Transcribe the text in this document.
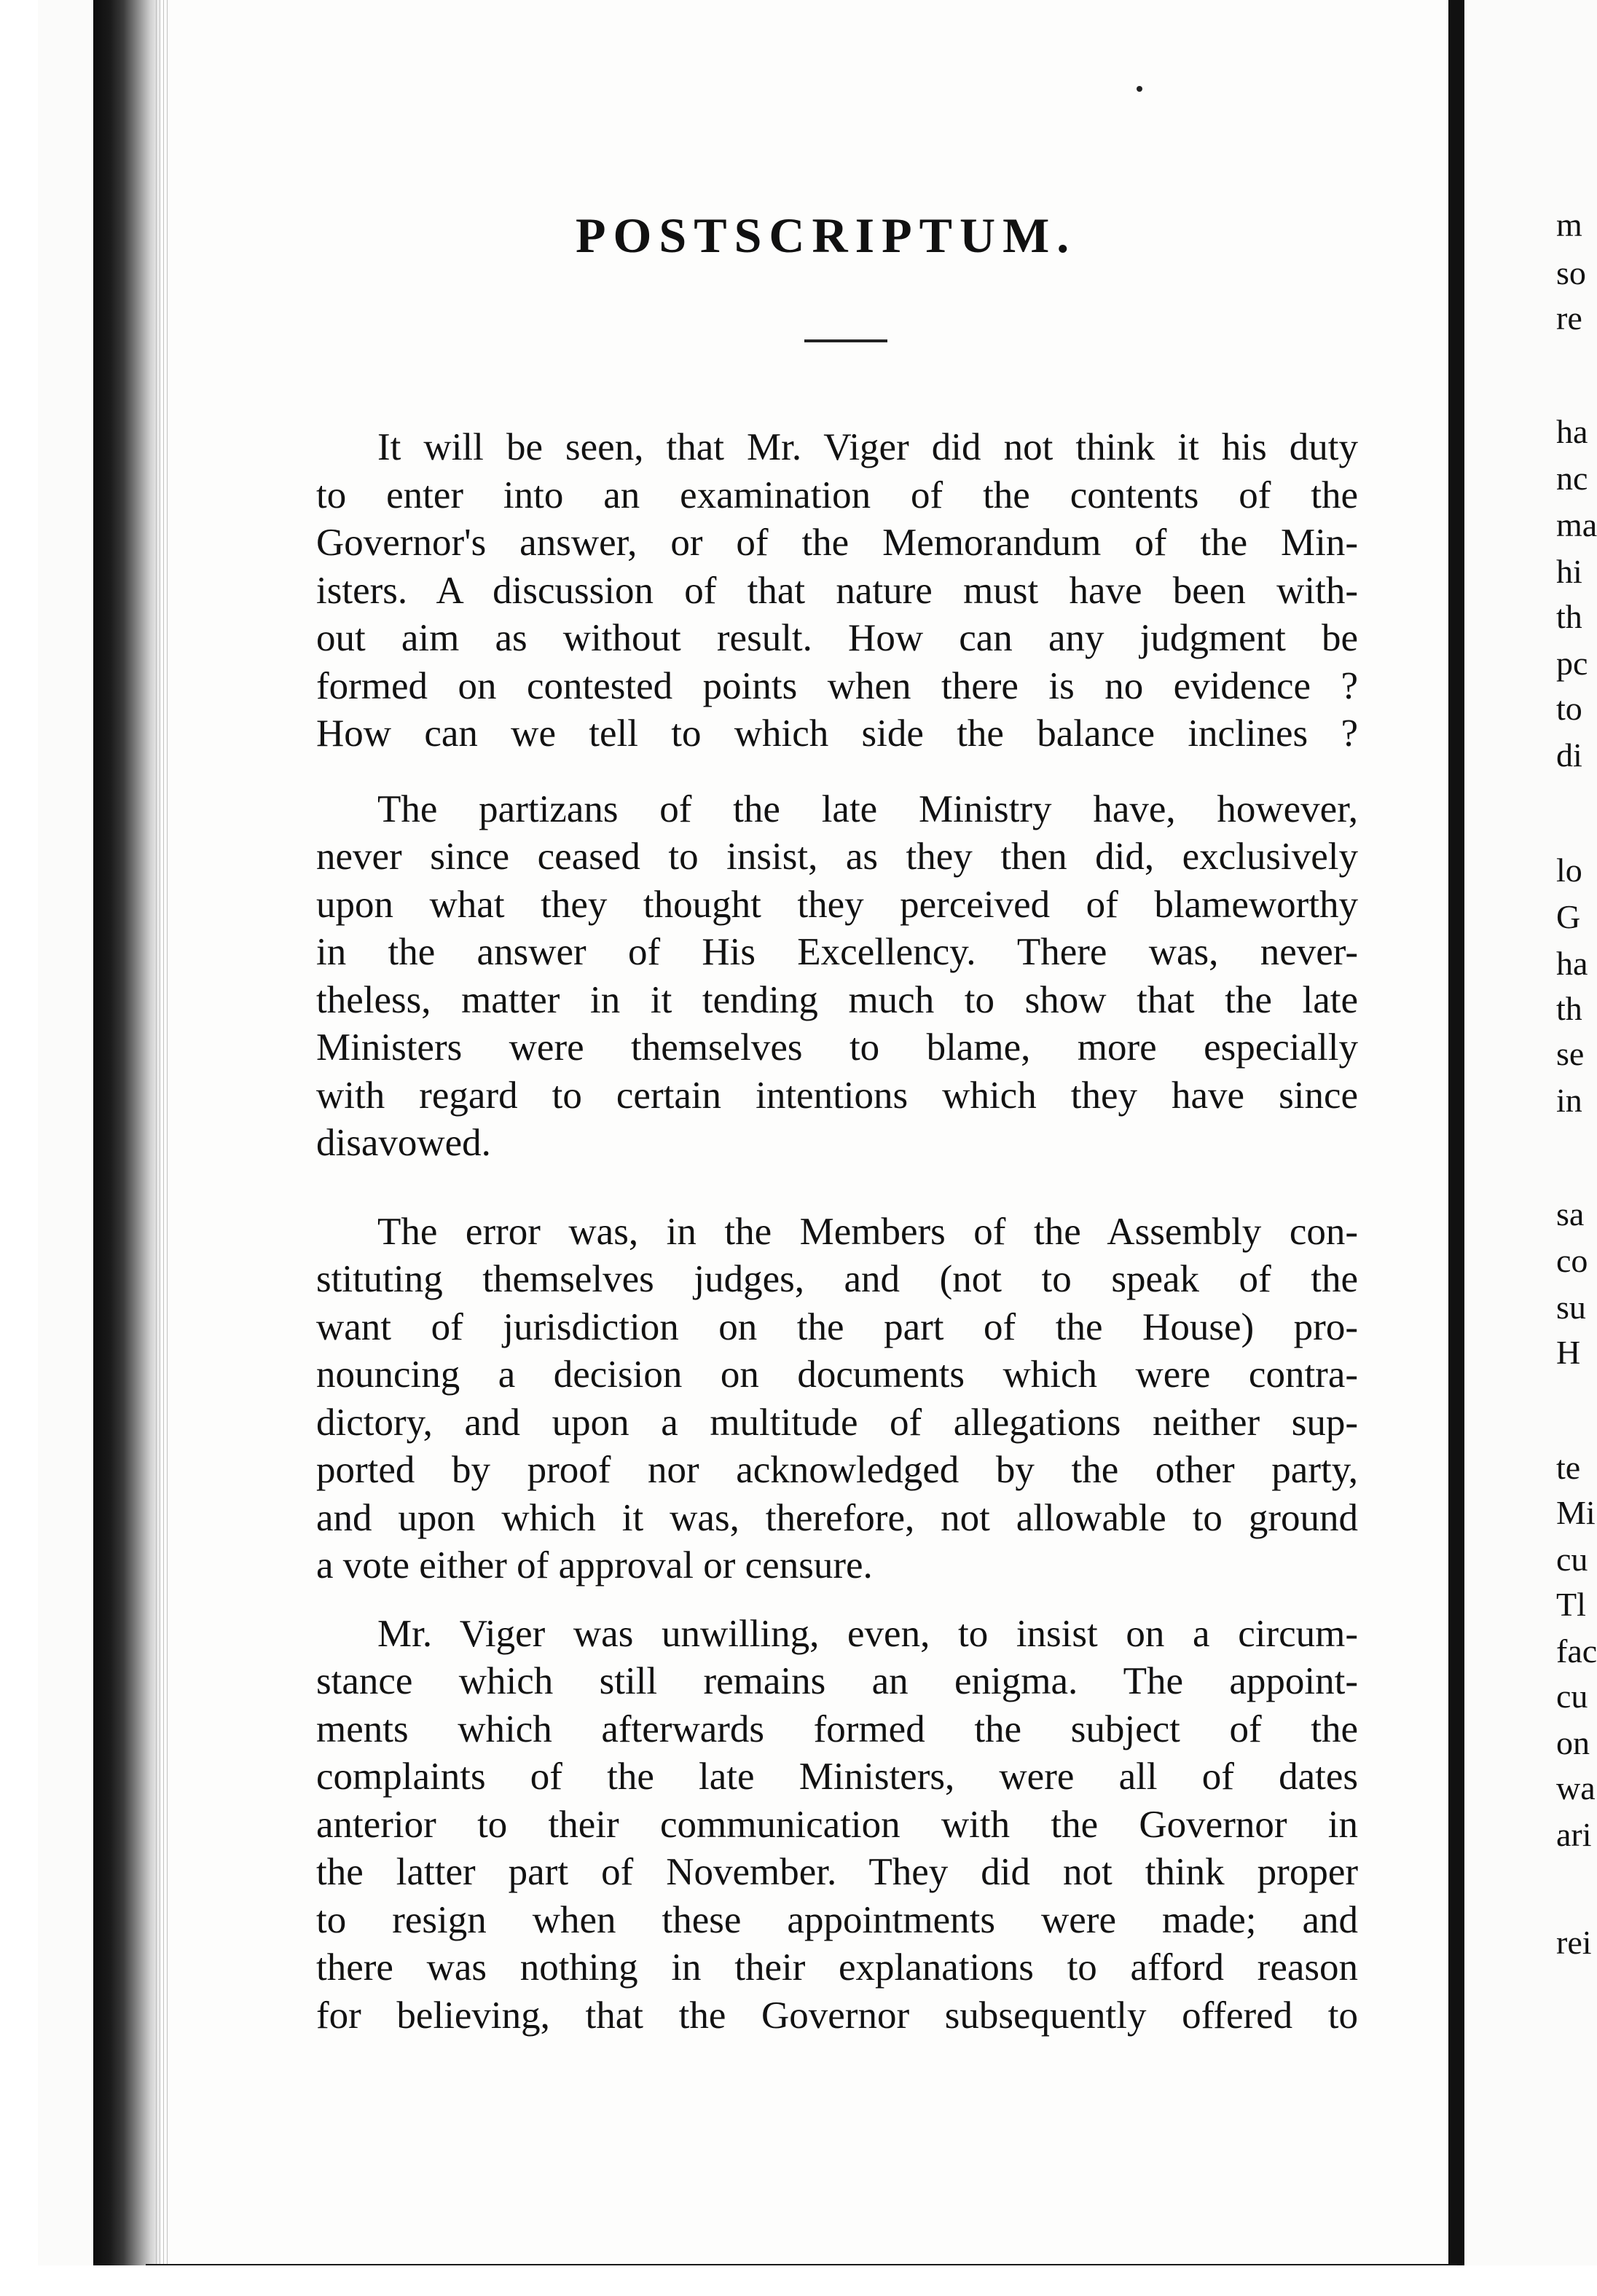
POSTSCRIPTUM.
It will be seen, that Mr. Viger did not think it his duty
to enter into an examination of the contents of the
Governor's answer, or of the Memorandum of the Min-
isters. A discussion of that nature must have been with-
out aim as without result. How can any judgment be
formed on contested points when there is no evidence ?
How can we tell to which side the balance inclines ?
The partizans of the late Ministry have, however,
never since ceased to insist, as they then did, exclusively
upon what they thought they perceived of blameworthy
in the answer of His Excellency. There was, never-
theless, matter in it tending much to show that the late
Ministers were themselves to blame, more especially
with regard to certain intentions which they have since
disavowed.
The error was, in the Members of the Assembly con-
stituting themselves judges, and (not to speak of the
want of jurisdiction on the part of the House) pro-
nouncing a decision on documents which were contra-
dictory, and upon a multitude of allegations neither sup-
ported by proof nor acknowledged by the other party,
and upon which it was, therefore, not allowable to ground
a vote either of approval or censure.
Mr. Viger was unwilling, even, to insist on a circum-
stance which still remains an enigma. The appoint-
ments which afterwards formed the subject of the
complaints of the late Ministers, were all of dates
anterior to their communication with the Governor in
the latter part of November. They did not think proper
to resign when these appointments were made; and
there was nothing in their explanations to afford reason
for believing, that the Governor subsequently offered to
m
so
re
ha
nc
ma
hi
th
pc
to
di
lo
G
ha
th
se
in
sa
co
su
H
te
Mi
cu
Tl
fac
cu
on
wa
ari
rei
